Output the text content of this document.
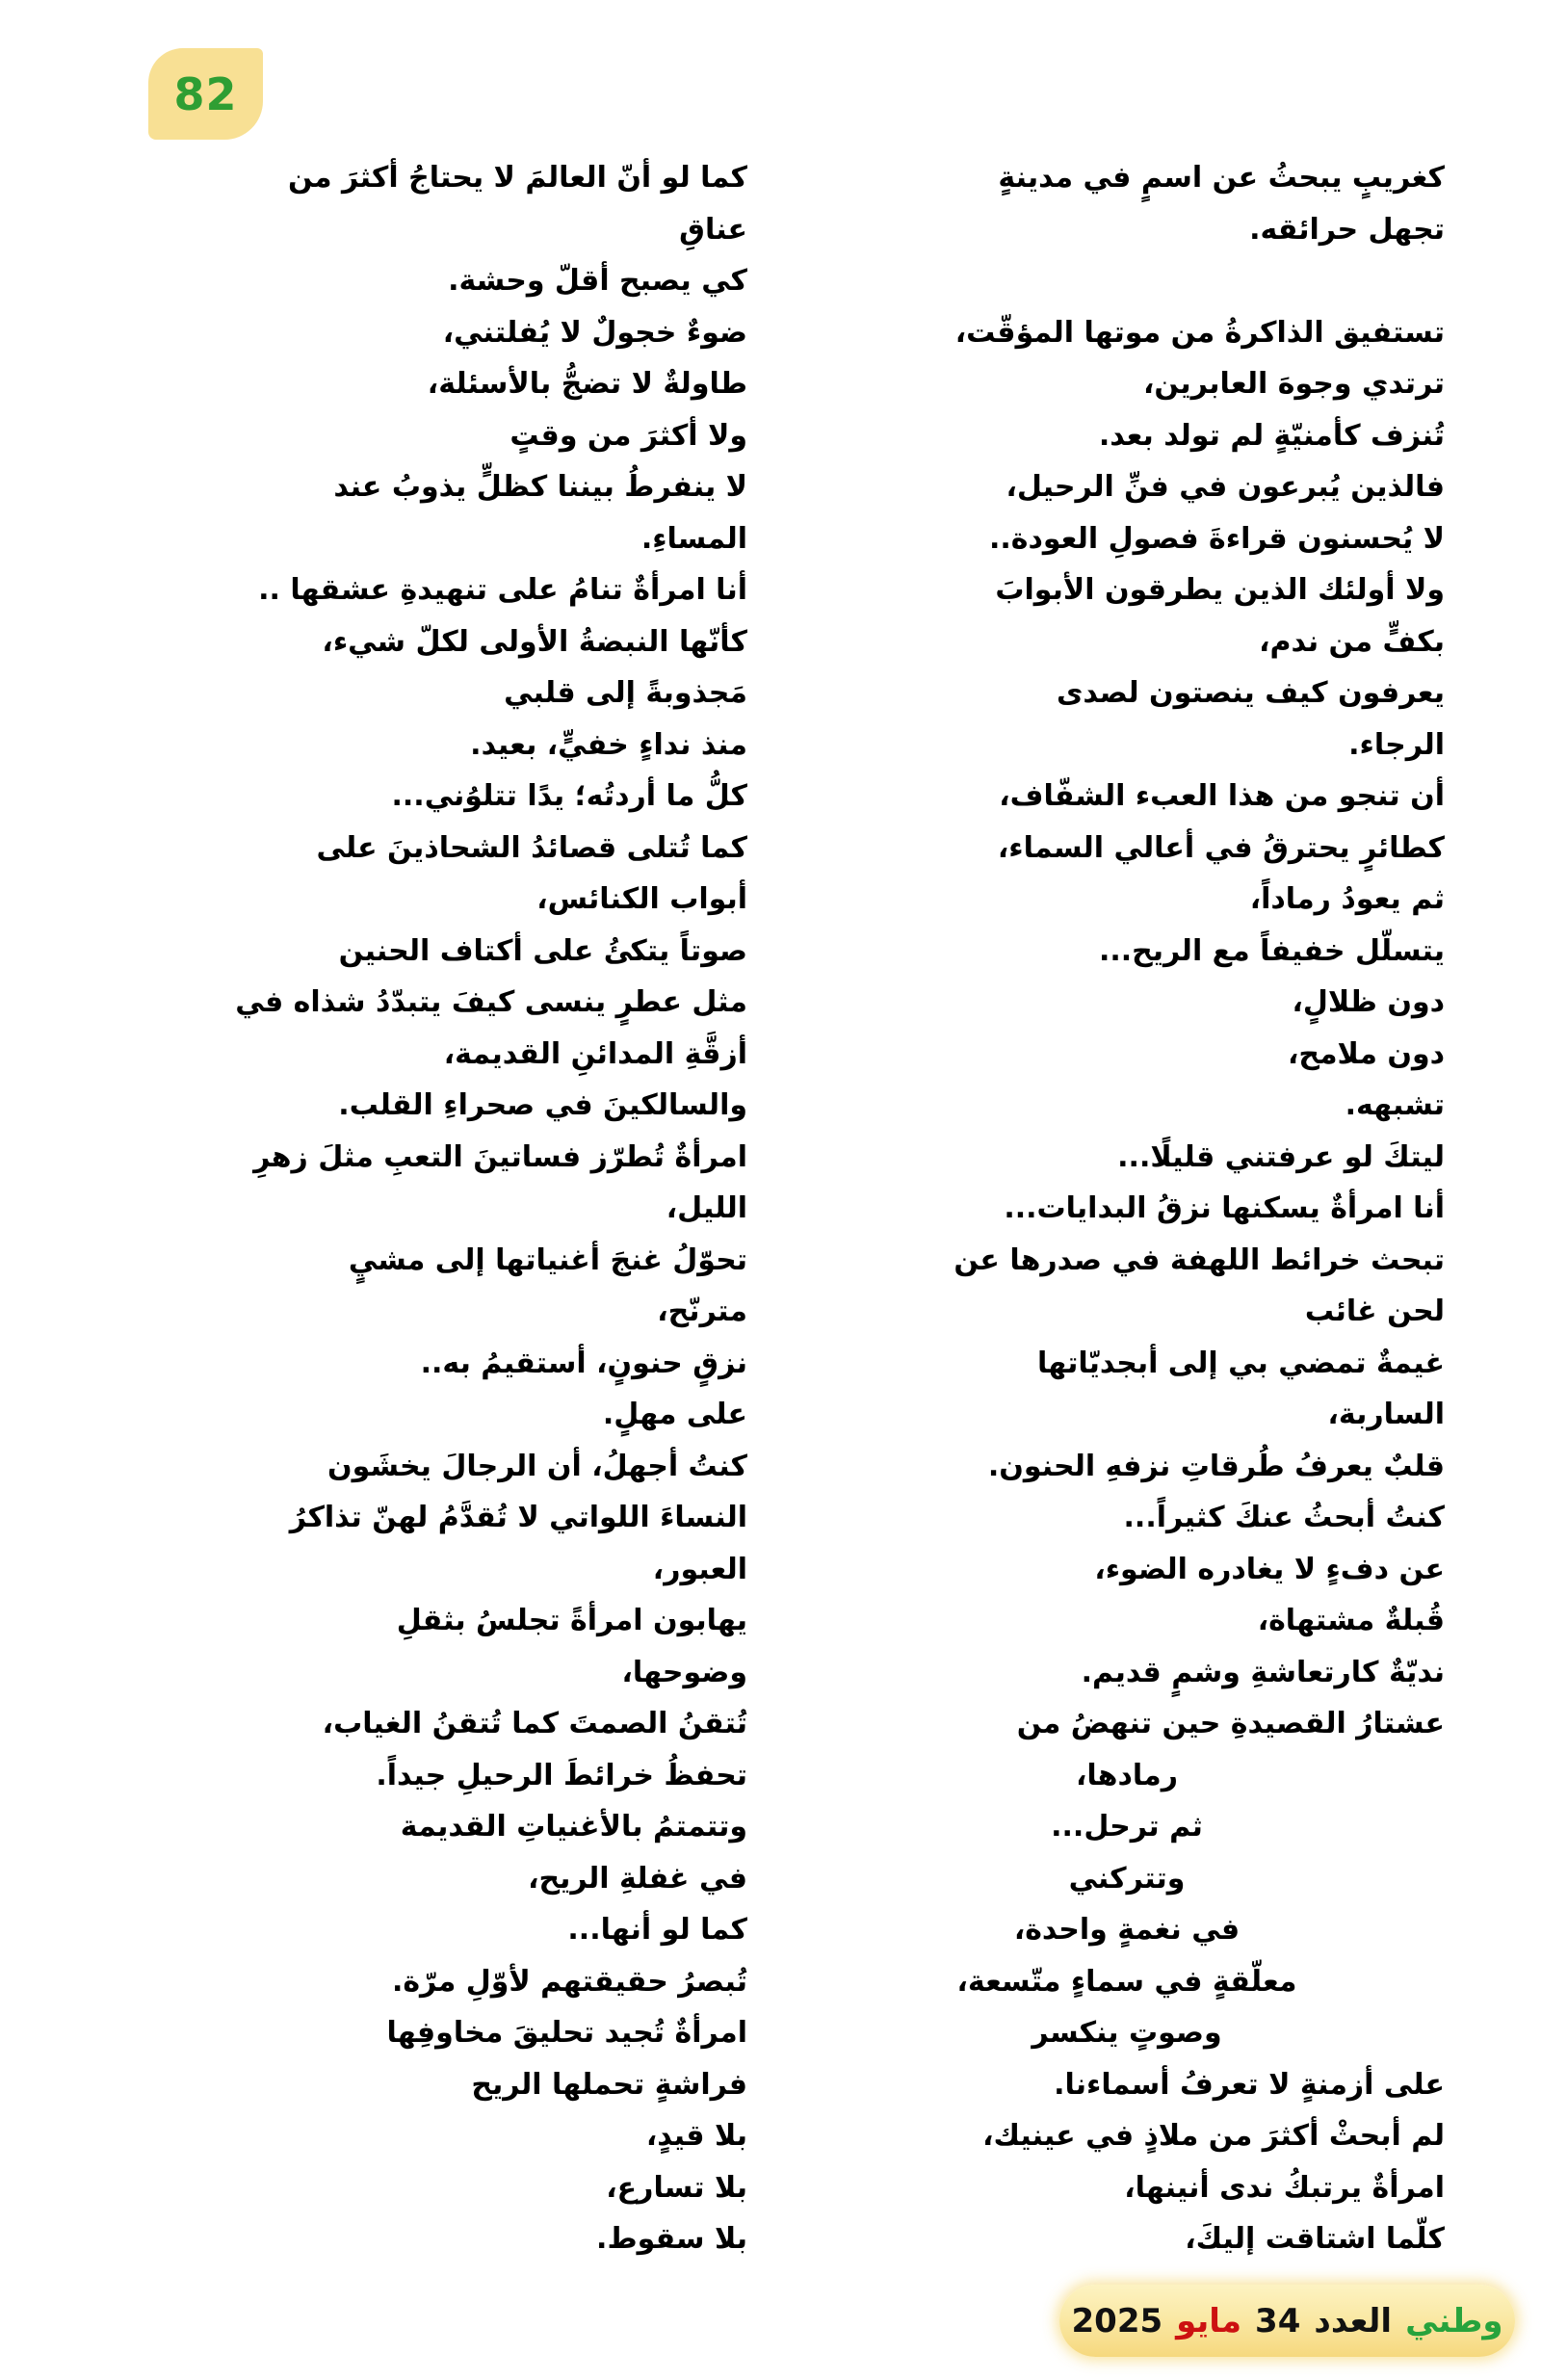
82
كغريبٍ يبحثُ عن اسمٍ في مدينةٍ
تجهل حرائقه.
تستفيق الذاكرةُ من موتها المؤقّت،
ترتدي وجوهَ العابرين،
تُنزف كأمنيّةٍ لم تولد بعد.
فالذين يُبرعون في فنِّ الرحيل،
لا يُحسنون قراءةَ فصولِ العودة..
ولا أولئك الذين يطرقون الأبوابَ
بكفٍّ من ندم،
يعرفون كيف ينصتون لصدى
الرجاء.
أن تنجو من هذا العبء الشفّاف،
كطائرٍ يحترقُ في أعالي السماء،
ثم يعودُ رماداً،
يتسلّل خفيفاً مع الريح...
دون ظلالٍ،
دون ملامح،
تشبهه.
ليتكَ لو عرفتني قليلًا...
أنا امرأةٌ يسكنها نزقُ البدايات...
تبحث خرائط اللهفة في صدرها عن
لحن غائب
غيمةٌ تمضي بي إلى أبجديّاتها
الساربة،
قلبٌ يعرفُ طُرقاتِ نزفهِ الحنون.
كنتُ أبحثُ عنكَ كثيراً...
عن دفءٍ لا يغادره الضوء،
قُبلةٌ مشتهاة،
نديّةٌ كارتعاشةِ وشمٍ قديم.
عشتارُ القصيدةِ حين تنهضُ من
رمادها،
ثم ترحل...
وتتركني
في نغمةٍ واحدة،
معلّقةٍ في سماءٍ متّسعة،
وصوتٍ ينكسر
على أزمنةٍ لا تعرفُ أسماءنا.
لم أبحثْ أكثرَ من ملاذٍ في عينيك،
امرأةٌ يرتبكُ ندى أنينها،
كلّما اشتاقت إليكَ،
كما لو أنّ العالمَ لا يحتاجُ أكثرَ من
عناقِ
كي يصبح أقلّ وحشة.
ضوءٌ خجولٌ لا يُفلتني،
طاولةٌ لا تضجُّ بالأسئلة،
ولا أكثرَ من وقتٍ
لا ينفرطُ بيننا كظلٍّ يذوبُ عند
المساءِ.
أنا امرأةٌ تنامُ على تنهيدةِ عشقها ..
كأنّها النبضةُ الأولى لكلّ شيء،
مَجذوبةً إلى قلبي
منذ نداءٍ خفيٍّ، بعيد.
كلُّ ما أردتُه؛ يدًا تتلوُني...
كما تُتلى قصائدُ الشحاذينَ على
أبواب الكنائس،
صوتاً يتكئُ على أكتاف الحنين
مثل عطرٍ ينسى كيفَ يتبدّدُ شذاه في
أزقَّةِ المدائنِ القديمة،
والسالكينَ في صحراءِ القلب.
امرأةٌ تُطرّز فساتينَ التعبِ مثلَ زهرِ
الليل،
تحوّلُ غنجَ أغنياتها إلى مشيٍ
مترنّح،
نزقٍ حنونٍ، أستقيمُ به..
على مهلٍ.
كنتُ أجهلُ، أن الرجالَ يخشَون
النساءَ اللواتي لا تُقدَّمُ لهنّ تذاكرُ
العبور،
يهابون امرأةً تجلسُ بثقلِ
وضوحها،
تُتقنُ الصمتَ كما تُتقنُ الغياب،
تحفظُ خرائطَ الرحيلِ جيداً.
وتتمتمُ بالأغنياتِ القديمة
في غفلةِ الريح،
كما لو أنها...
تُبصرُ حقيقتهم لأوّلِ مرّة.
امرأةٌ تُجيد تحليقَ مخاوفِها
فراشةٍ تحملها الريح
بلا قيدٍ،
بلا تسارع،
بلا سقوط.
وطني
العدد
34
مايو
2025
